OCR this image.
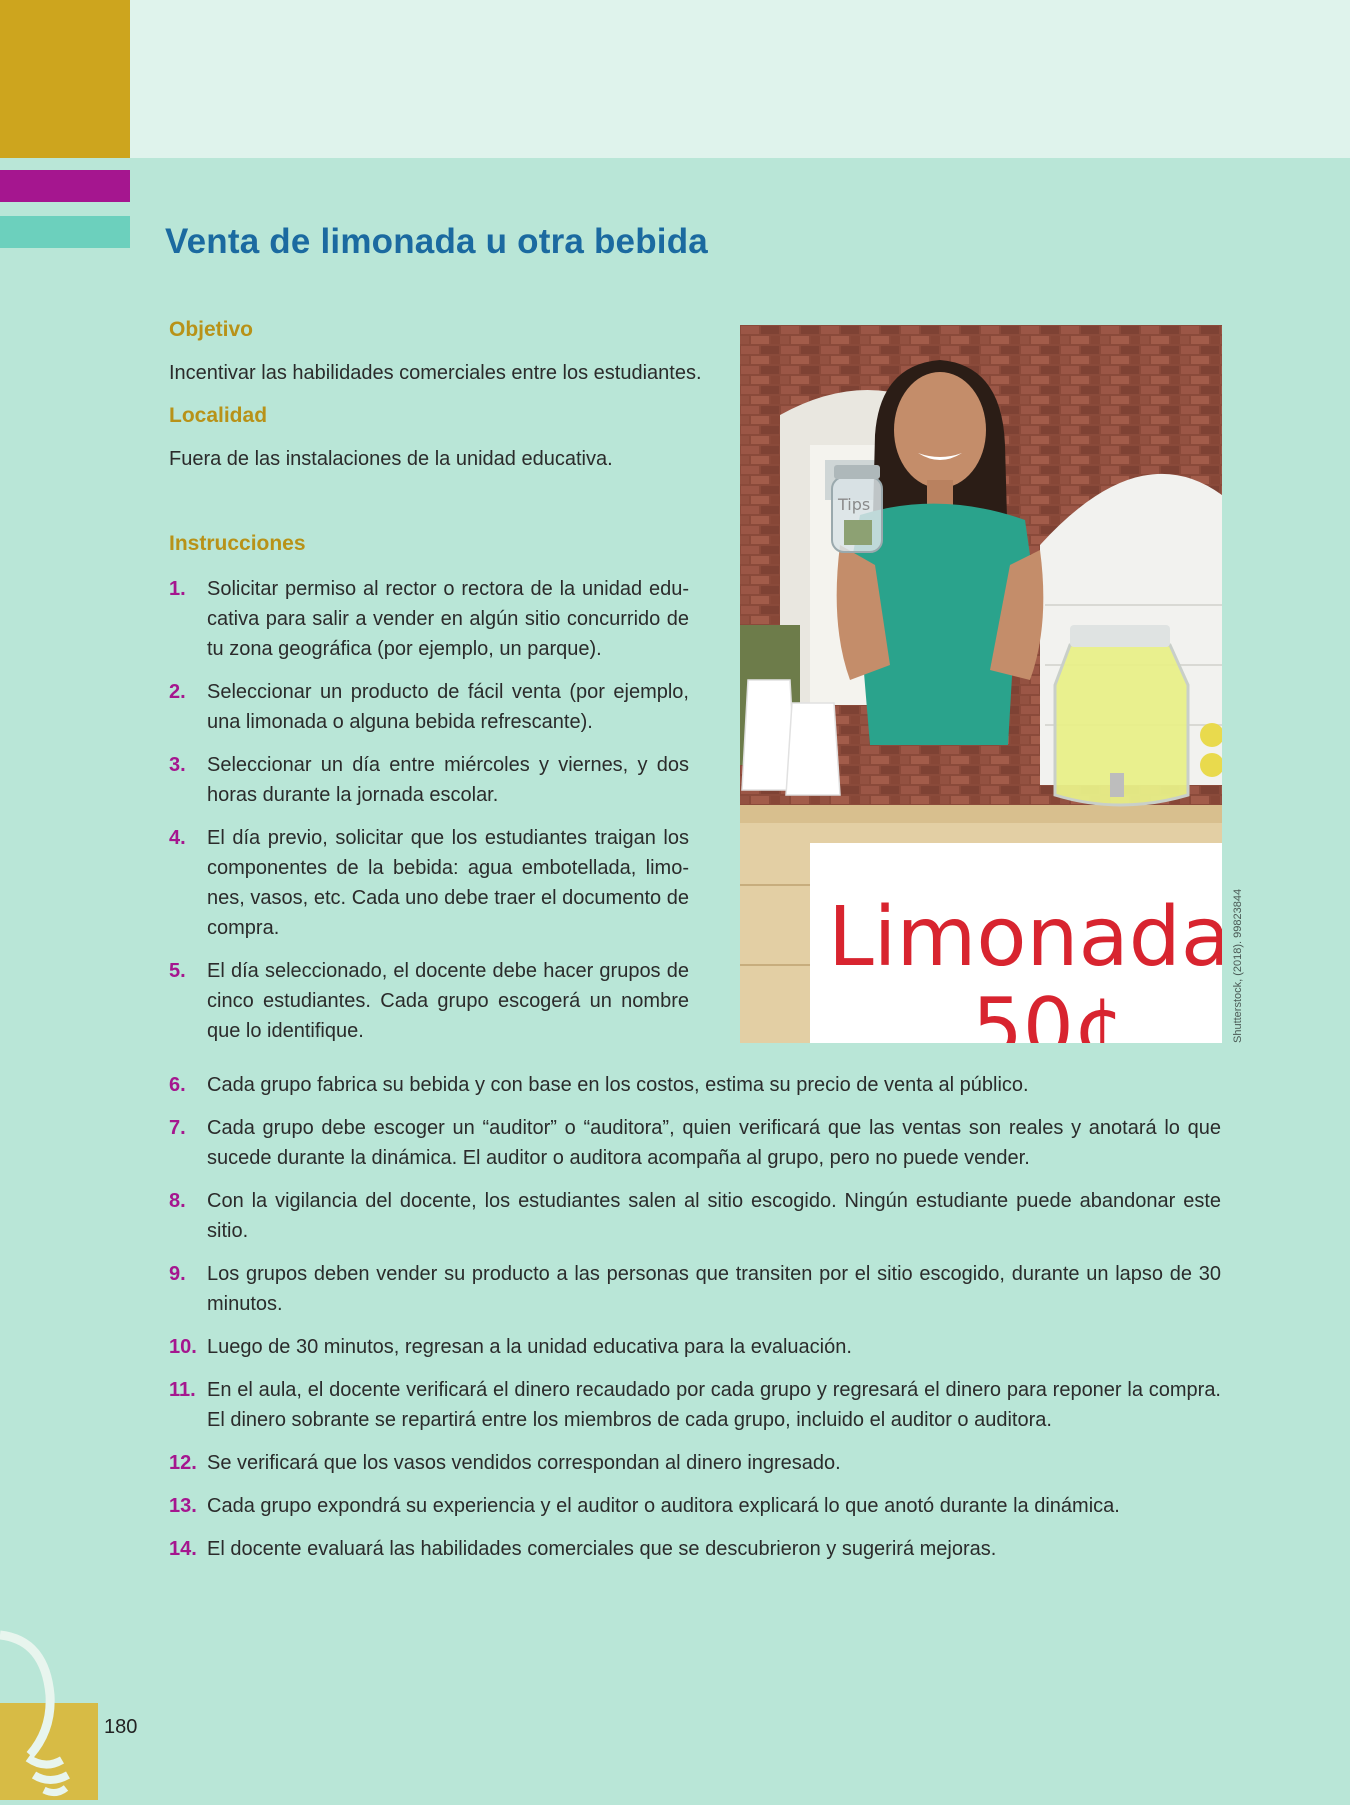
Venta de limonada u otra bebida
Objetivo

Incentivar las habilidades comerciales entre los estudiantes.

Localidad

Fuera de las instalaciones de la unidad educativa.

Instrucciones
1. Solicitar permiso al rector o rectora de la unidad edu-cativa para salir a vender en algún sitio concurrido de tu zona geográfica (por ejemplo, un parque).
2. Seleccionar un producto de fácil venta (por ejemplo, una limonada o alguna bebida refrescante).
3. Seleccionar un día entre miércoles y viernes, y dos horas durante la jornada escolar.
4. El día previo, solicitar que los estudiantes traigan los componentes de la bebida: agua embotellada, limo-nes, vasos, etc. Cada uno debe traer el documento de compra.
5. El día seleccionado, el docente debe hacer grupos de cinco estudiantes. Cada grupo escogerá un nombre que lo identifique.
Tips
Limonada
50¢	Shutterstock, (2018). 99823844
6. Cada grupo fabrica su bebida y con base en los costos, estima su precio de venta al público.
7. Cada grupo debe escoger un “auditor” o “auditora”, quien verificará que las ventas son reales y anotará lo que sucede durante la dinámica. El auditor o auditora acompaña al grupo, pero no puede vender.
8. Con la vigilancia del docente, los estudiantes salen al sitio escogido. Ningún estudiante puede abandonar este sitio.
9. Los grupos deben vender su producto a las personas que transiten por el sitio escogido, durante un lapso de 30 minutos.
10. Luego de 30 minutos, regresan a la unidad educativa para la evaluación.
11. En el aula, el docente verificará el dinero recaudado por cada grupo y regresará el dinero para reponer la compra. El dinero sobrante se repartirá entre los miembros de cada grupo, incluido el auditor o auditora.
12. Se verificará que los vasos vendidos correspondan al dinero ingresado.
13. Cada grupo expondrá su experiencia y el auditor o auditora explicará lo que anotó durante la dinámica.
14. El docente evaluará las habilidades comerciales que se descubrieron y sugerirá mejoras.
180
